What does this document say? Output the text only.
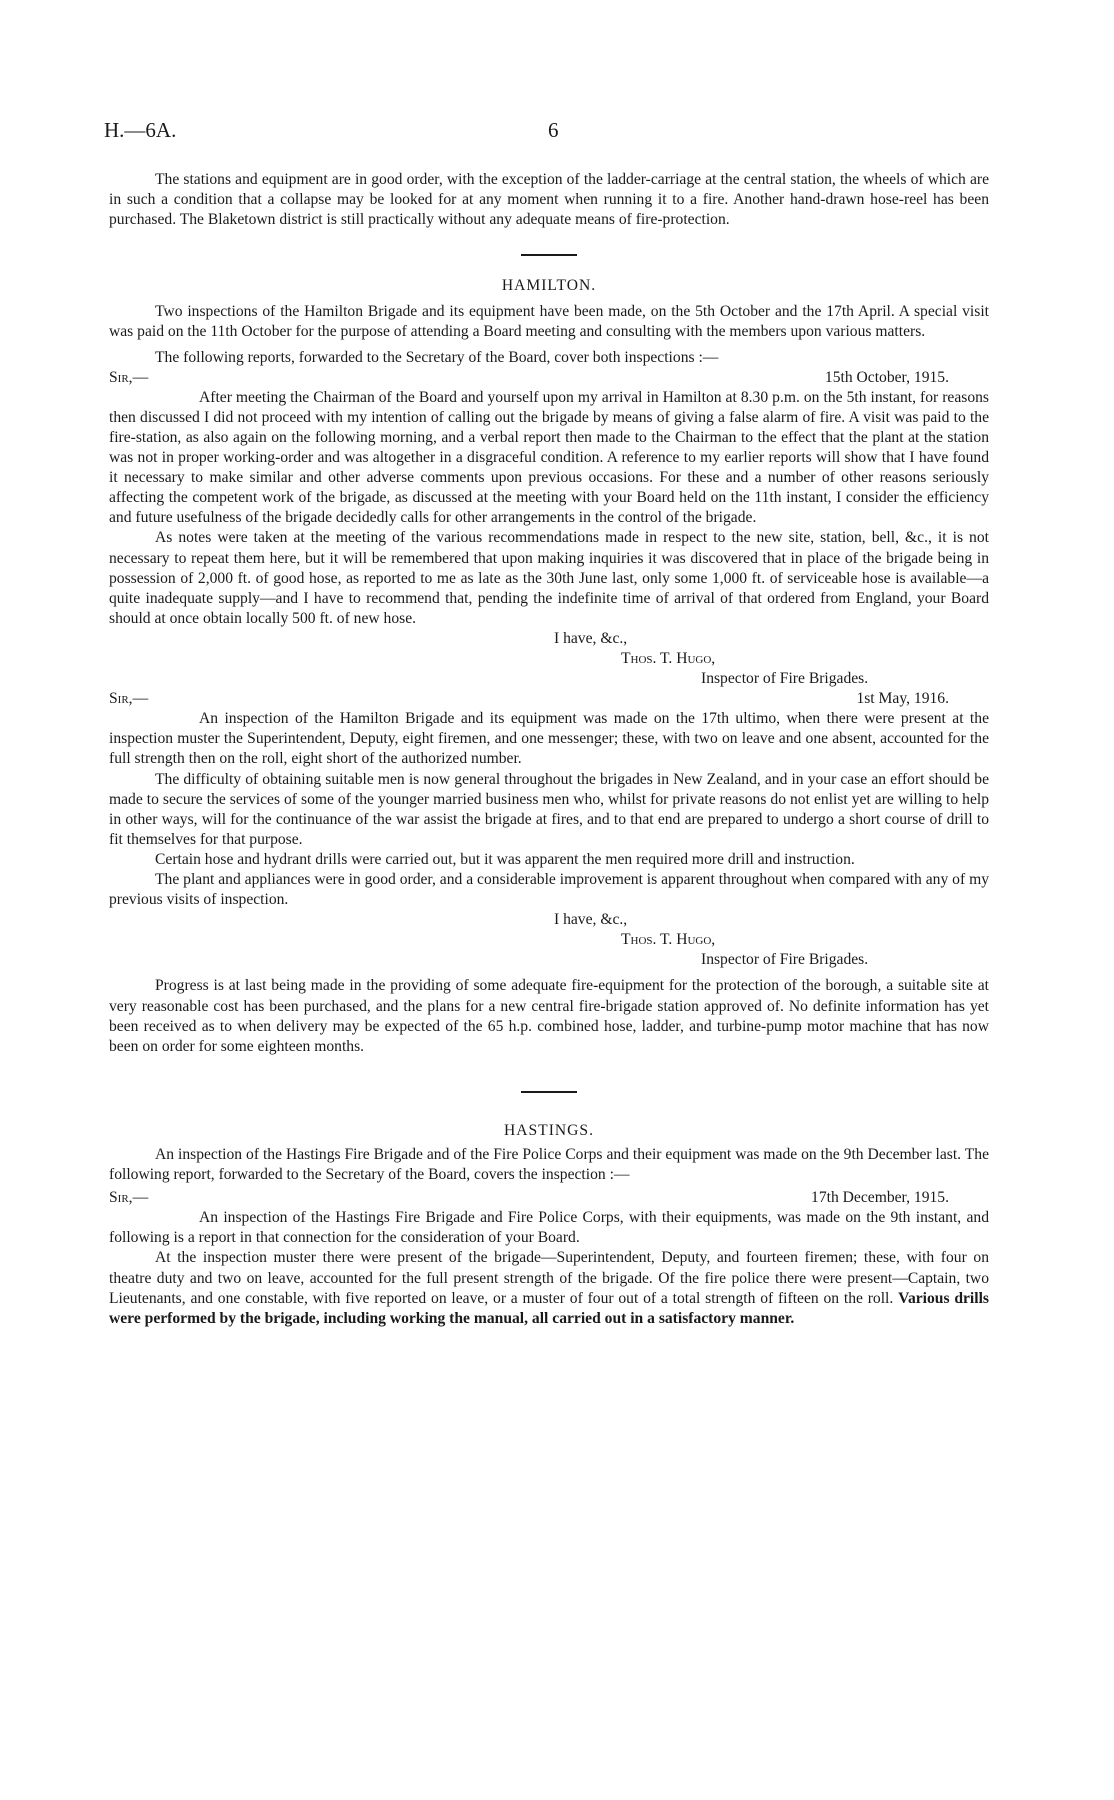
H.—6A.	6

The stations and equipment are in good order, with the exception of the ladder-carriage at the central station, the wheels of which are in such a condition that a collapse may be looked for at any moment when running it to a fire. Another hand-drawn hose-reel has been purchased. The Blaketown district is still practically without any adequate means of fire-protection.

HAMILTON.

Two inspections of the Hamilton Brigade and its equipment have been made, on the 5th October and the 17th April. A special visit was paid on the 11th October for the purpose of attending a Board meeting and consulting with the members upon various matters.

The following reports, forwarded to the Secretary of the Board, cover both inspections :—

Sir,—	15th October, 1915.

After meeting the Chairman of the Board and yourself upon my arrival in Hamilton at 8.30 p.m. on the 5th instant, for reasons then discussed I did not proceed with my intention of calling out the brigade by means of giving a false alarm of fire. A visit was paid to the fire-station, as also again on the following morning, and a verbal report then made to the Chairman to the effect that the plant at the station was not in proper working-order and was altogether in a disgraceful condition. A reference to my earlier reports will show that I have found it necessary to make similar and other adverse comments upon previous occasions. For these and a number of other reasons seriously affecting the competent work of the brigade, as discussed at the meeting with your Board held on the 11th instant, I consider the efficiency and future usefulness of the brigade decidedly calls for other arrangements in the control of the brigade.

As notes were taken at the meeting of the various recommendations made in respect to the new site, station, bell, &c., it is not necessary to repeat them here, but it will be remembered that upon making inquiries it was discovered that in place of the brigade being in possession of 2,000 ft. of good hose, as reported to me as late as the 30th June last, only some 1,000 ft. of serviceable hose is available—a quite inadequate supply—and I have to recommend that, pending the indefinite time of arrival of that ordered from England, your Board should at once obtain locally 500 ft. of new hose.

I have, &c.,

Thos. T. Hugo,

Inspector of Fire Brigades.

Sir,—	1st May, 1916.

An inspection of the Hamilton Brigade and its equipment was made on the 17th ultimo, when there were present at the inspection muster the Superintendent, Deputy, eight firemen, and one messenger; these, with two on leave and one absent, accounted for the full strength then on the roll, eight short of the authorized number.

The difficulty of obtaining suitable men is now general throughout the brigades in New Zealand, and in your case an effort should be made to secure the services of some of the younger married business men who, whilst for private reasons do not enlist yet are willing to help in other ways, will for the continuance of the war assist the brigade at fires, and to that end are prepared to undergo a short course of drill to fit themselves for that purpose.

Certain hose and hydrant drills were carried out, but it was apparent the men required more drill and instruction.

The plant and appliances were in good order, and a considerable improvement is apparent throughout when compared with any of my previous visits of inspection.

I have, &c.,

Thos. T. Hugo,

Inspector of Fire Brigades.

Progress is at last being made in the providing of some adequate fire-equipment for the protection of the borough, a suitable site at very reasonable cost has been purchased, and the plans for a new central fire-brigade station approved of. No definite information has yet been received as to when delivery may be expected of the 65 h.p. combined hose, ladder, and turbine-pump motor machine that has now been on order for some eighteen months.

HASTINGS.

An inspection of the Hastings Fire Brigade and of the Fire Police Corps and their equipment was made on the 9th December last. The following report, forwarded to the Secretary of the Board, covers the inspection :—

Sir,—	17th December, 1915.

An inspection of the Hastings Fire Brigade and Fire Police Corps, with their equipments, was made on the 9th instant, and following is a report in that connection for the consideration of your Board.

At the inspection muster there were present of the brigade—Superintendent, Deputy, and fourteen firemen; these, with four on theatre duty and two on leave, accounted for the full present strength of the brigade. Of the fire police there were present—Captain, two Lieutenants, and one constable, with five reported on leave, or a muster of four out of a total strength of fifteen on the roll. Various drills were performed by the brigade, including working the manual, all carried out in a satisfactory manner.
